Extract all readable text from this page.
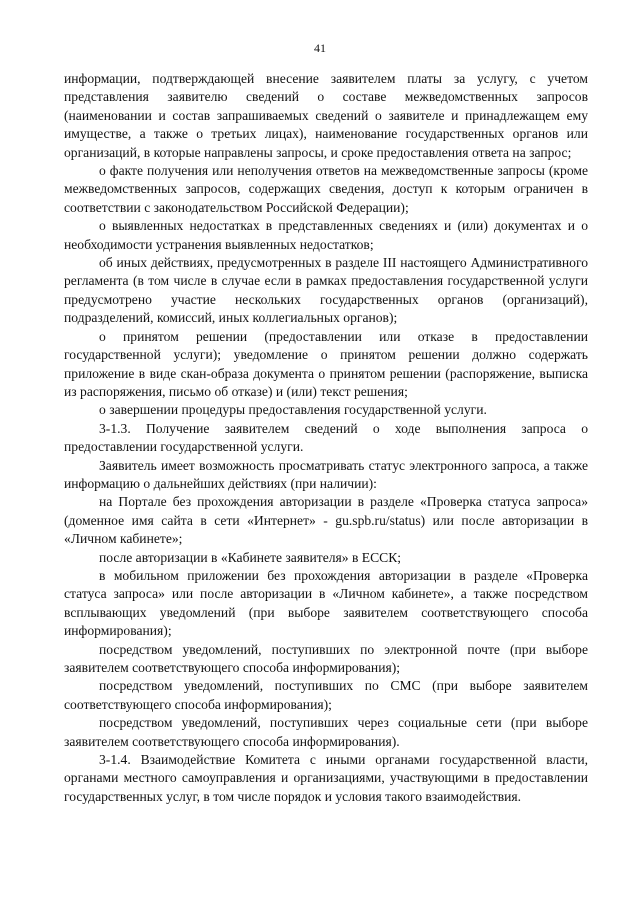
41

информации, подтверждающей внесение заявителем платы за услугу, с учетом представления заявителю сведений о составе межведомственных запросов (наименовании и состав запрашиваемых сведений о заявителе и принадлежащем ему имуществе, а также о третьих лицах), наименование государственных органов или организаций, в которые направлены запросы, и сроке предоставления ответа на запрос;

о факте получения или неполучения ответов на межведомственные запросы (кроме межведомственных запросов, содержащих сведения, доступ к которым ограничен в соответствии с законодательством Российской Федерации);

о выявленных недостатках в представленных сведениях и (или) документах и о необходимости устранения выявленных недостатков;

об иных действиях, предусмотренных в разделе III настоящего Административного регламента (в том числе в случае если в рамках предоставления государственной услуги предусмотрено участие нескольких государственных органов (организаций), подразделений, комиссий, иных коллегиальных органов);

о принятом решении (предоставлении или отказе в предоставлении государственной услуги); уведомление о принятом решении должно содержать приложение в виде скан-образа документа о принятом решении (распоряжение, выписка из распоряжения, письмо об отказе) и (или) текст решения;

о завершении процедуры предоставления государственной услуги.

3-1.3. Получение заявителем сведений о ходе выполнения запроса о предоставлении государственной услуги.

Заявитель имеет возможность просматривать статус электронного запроса, а также информацию о дальнейших действиях (при наличии):

на Портале без прохождения авторизации в разделе «Проверка статуса запроса» (доменное имя сайта в сети «Интернет» - gu.spb.ru/status) или после авторизации в «Личном кабинете»;

после авторизации в «Кабинете заявителя» в ЕССК;

в мобильном приложении без прохождения авторизации в разделе «Проверка статуса запроса» или после авторизации в «Личном кабинете», а также посредством всплывающих уведомлений (при выборе заявителем соответствующего способа информирования);

посредством уведомлений, поступивших по электронной почте (при выборе заявителем соответствующего способа информирования);

посредством уведомлений, поступивших по СМС (при выборе заявителем соответствующего способа информирования);

посредством уведомлений, поступивших через социальные сети (при выборе заявителем соответствующего способа информирования).

3-1.4. Взаимодействие Комитета с иными органами государственной власти, органами местного самоуправления и организациями, участвующими в предоставлении государственных услуг, в том числе порядок и условия такого взаимодействия.
